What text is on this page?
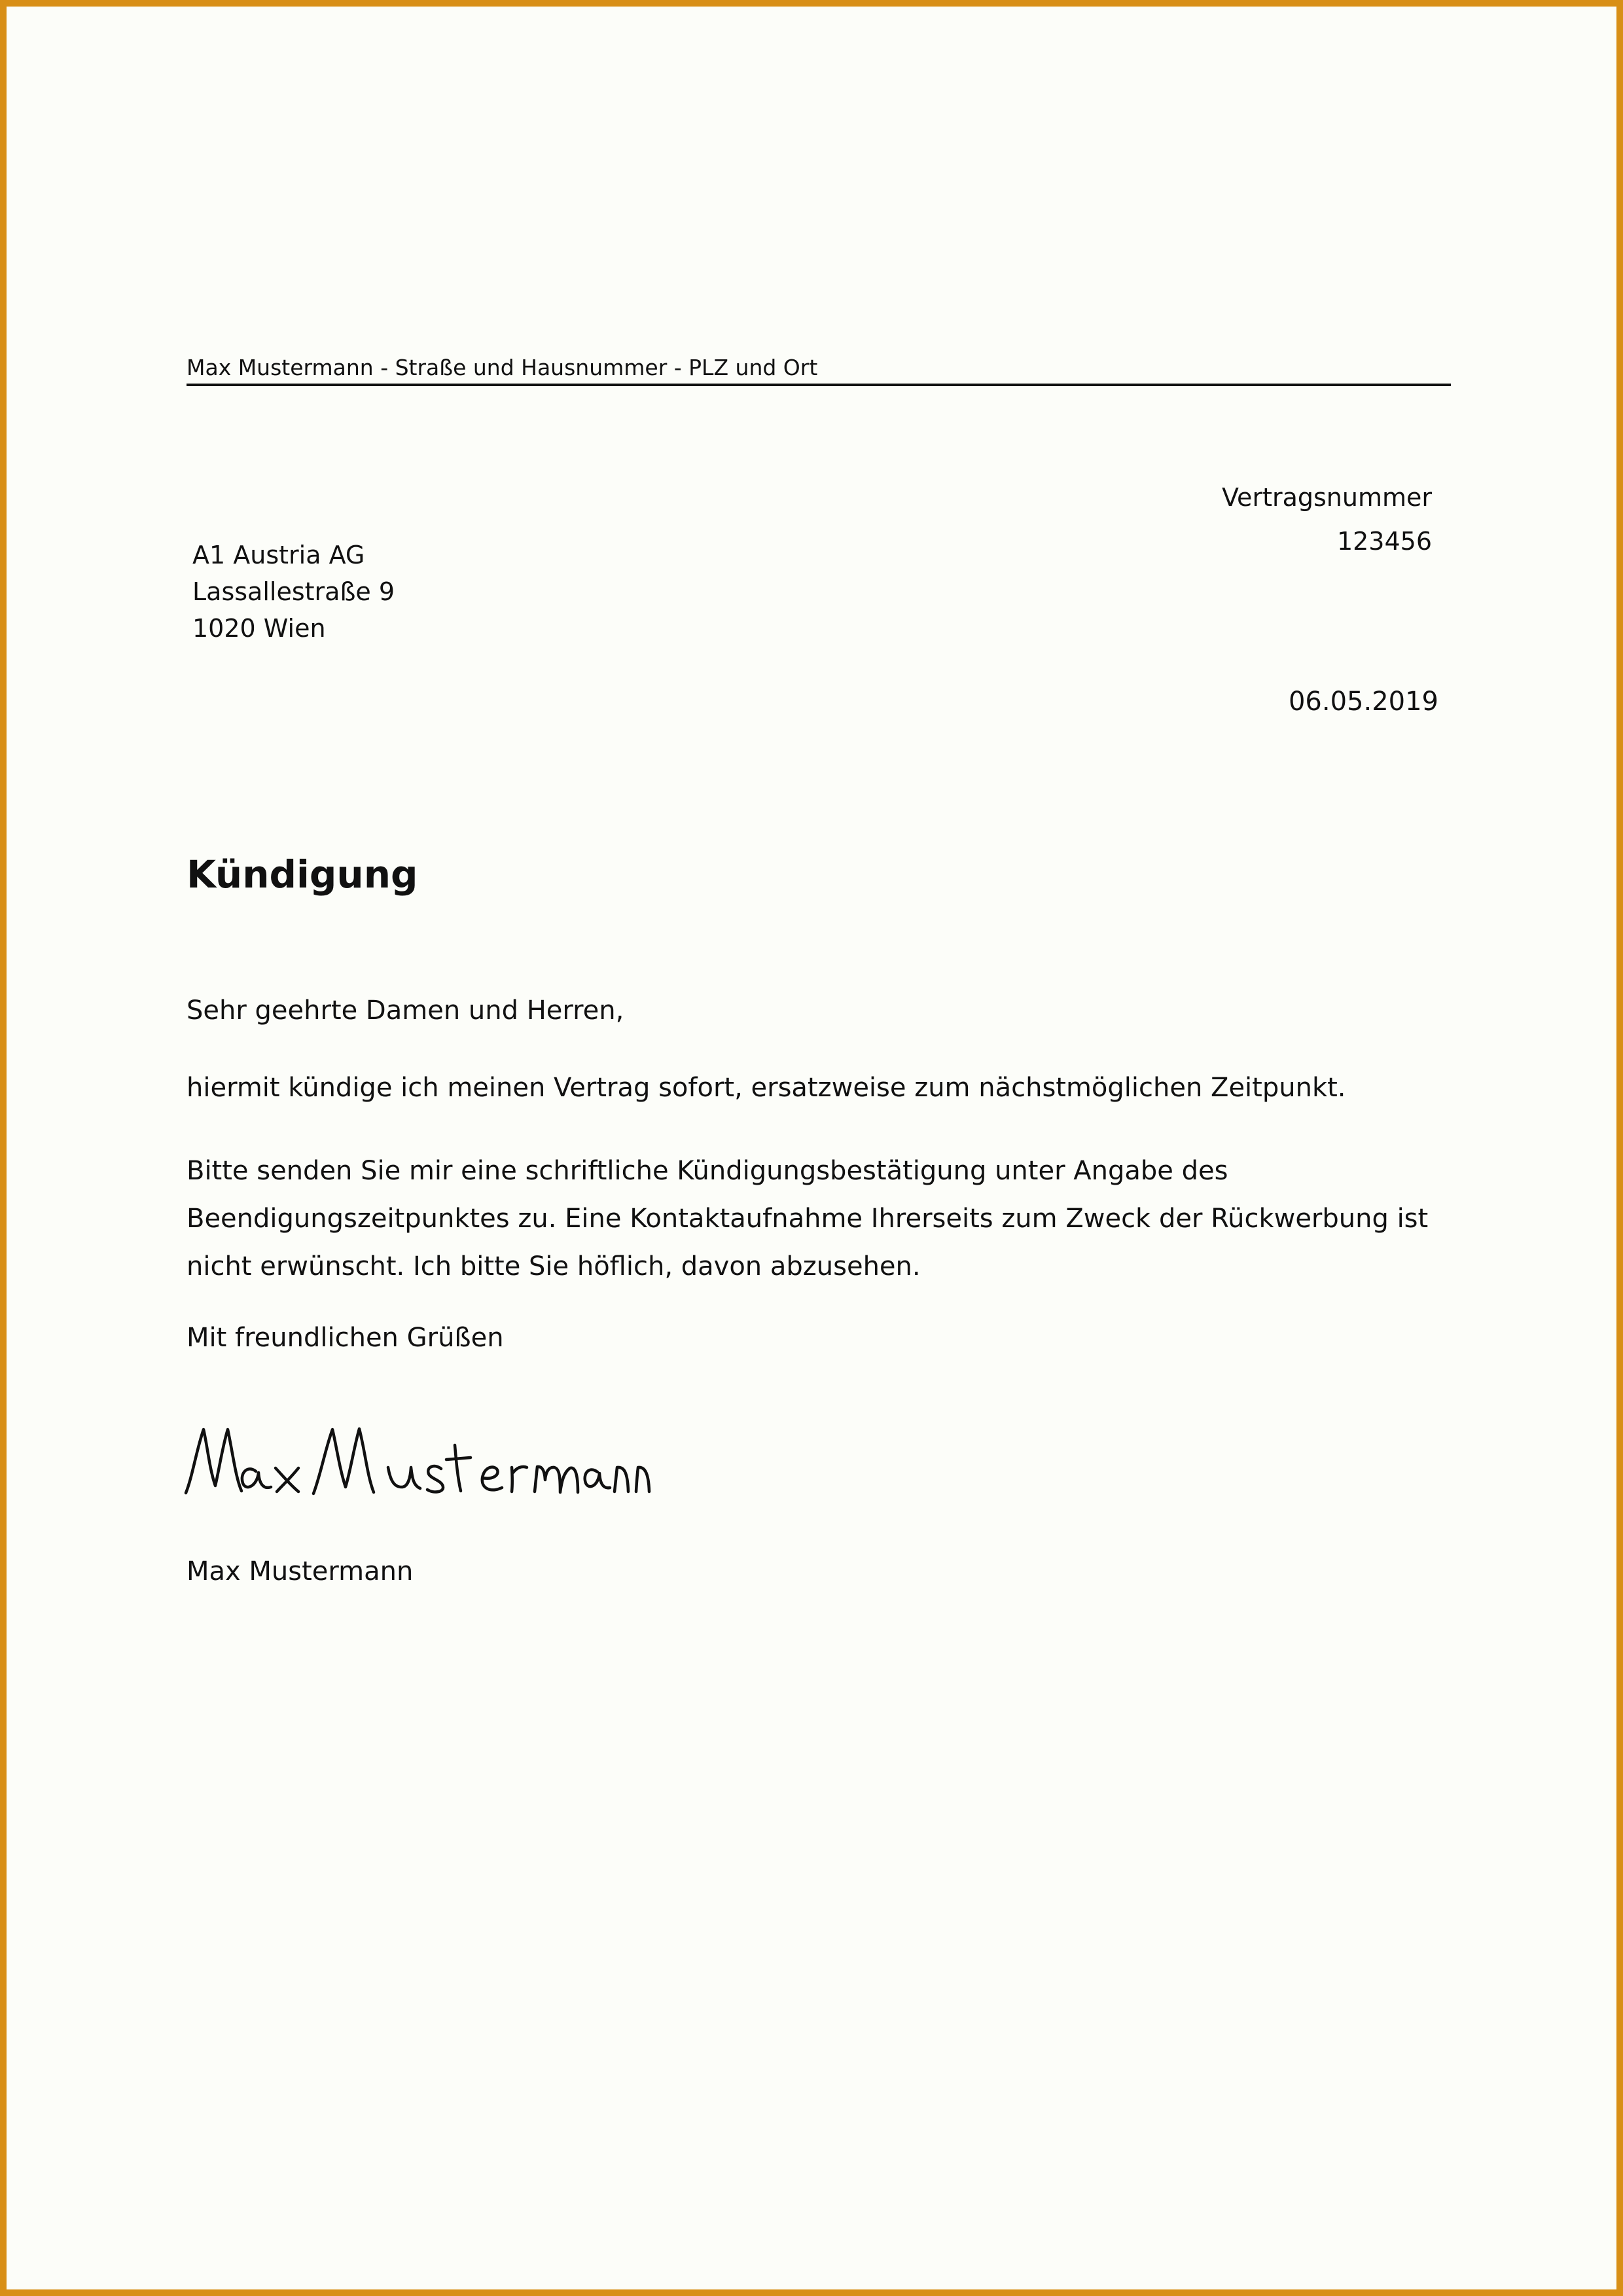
Max Mustermann - Straße und Hausnummer - PLZ und Ort
Vertragsnummer
123456
A1 Austria AG
Lassallestraße 9
1020 Wien
06.05.2019
Kündigung
Sehr geehrte Damen und Herren,
hiermit kündige ich meinen Vertrag sofort, ersatzweise zum nächstmöglichen Zeitpunkt.
Bitte senden Sie mir eine schriftliche Kündigungsbestätigung unter Angabe des Beendigungszeitpunktes zu. Eine Kontaktaufnahme Ihrerseits zum Zweck der Rückwerbung ist nicht erwünscht. Ich bitte Sie höflich, davon abzusehen.
Mit freundlichen Grüßen
Max Mustermann
